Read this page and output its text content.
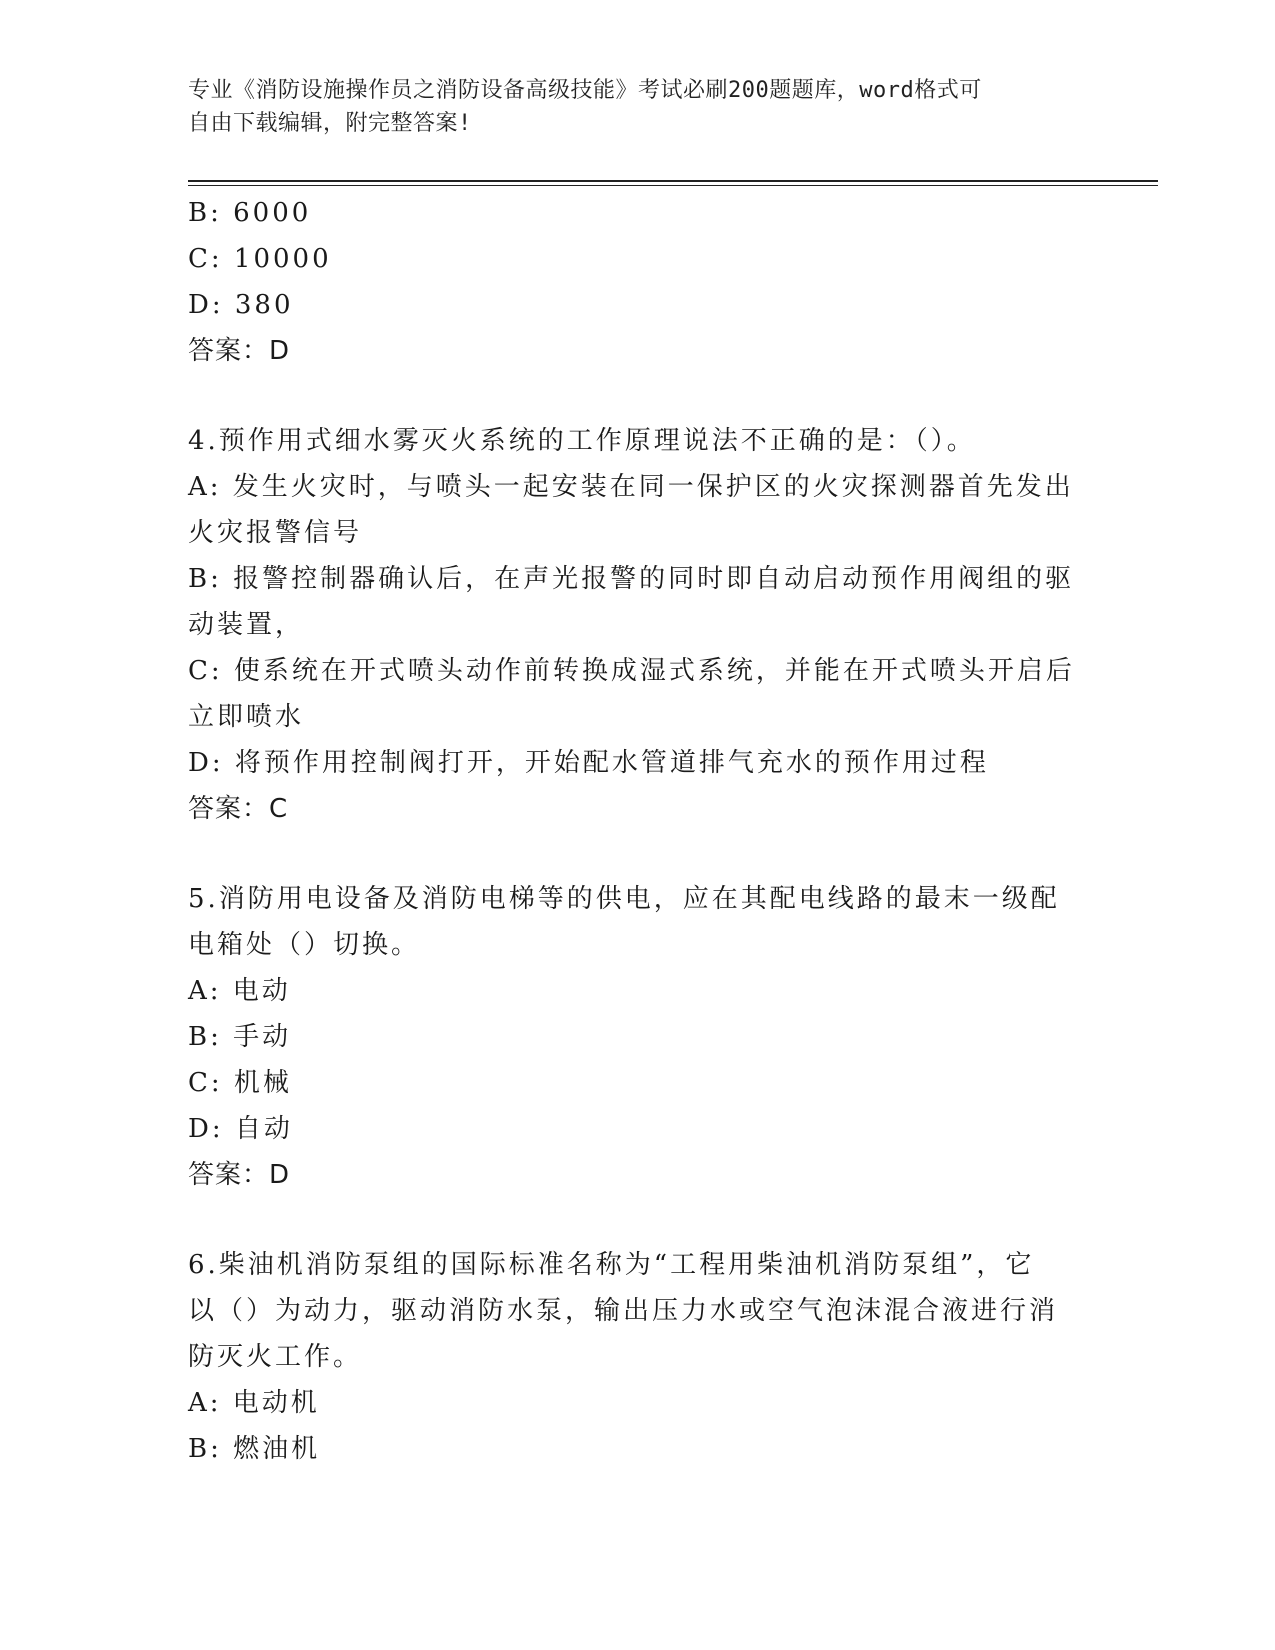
专业《消防设施操作员之消防设备高级技能》考试必刷200题题库，word格式可
自由下载编辑，附完整答案!
B: 6000
C: 10000
D: 380
答案：D
4.预作用式细水雾灭火系统的工作原理说法不正确的是：（）。
A: 发生火灾时，与喷头一起安装在同一保护区的火灾探测器首先发出
火灾报警信号
B: 报警控制器确认后，在声光报警的同时即自动启动预作用阀组的驱
动装置，
C: 使系统在开式喷头动作前转换成湿式系统，并能在开式喷头开启后
立即喷水
D: 将预作用控制阀打开，开始配水管道排气充水的预作用过程
答案：C
5.消防用电设备及消防电梯等的供电，应在其配电线路的最末一级配
电箱处（）切换。
A: 电动
B: 手动
C: 机械
D: 自动
答案：D
6.柴油机消防泵组的国际标准名称为“工程用柴油机消防泵组”，它
以（）为动力，驱动消防水泵，输出压力水或空气泡沫混合液进行消
防灭火工作。
A: 电动机
B: 燃油机
